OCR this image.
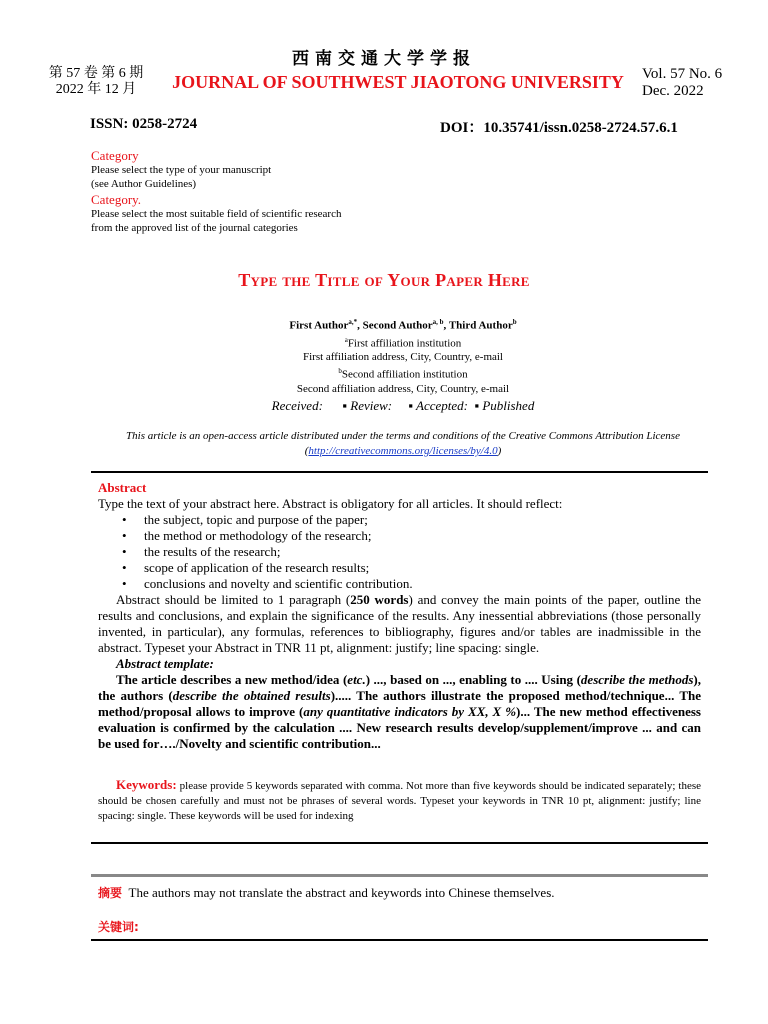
西南交通大学学报
第 57 卷 第 6 期
2022 年 12 月	JOURNAL OF SOUTHWEST JIAOTONG UNIVERSITY Vol. 57 No. 6
Dec. 2022
ISSN: 0258-2724	DOI：10.35741/issn.0258-2724.57.6.1
Category
Please select the type of your manuscript
(see Author Guidelines)
Category.
Please select the most suitable field of scientific research
from the approved list of the journal categories
Type the Title of Your Paper Here
First Author$^{a,*}$, Second Author$^{a, b}$, Third Author$^b$
$^a$First affiliation institution
First affiliation address, City, Country, e-mail
$^b$Second affiliation institution
Second affiliation address, City, Country, e-mail
Received:      ▪ Review:     ▪ Accepted:  ▪ Published
This article is an open-access article distributed under the terms and conditions of the Creative Commons Attribution License (http://creativecommons.org/licenses/by/4.0)
Abstract
Type the text of your abstract here. Abstract is obligatory for all articles. It should reflect:
• the subject, topic and purpose of the paper;
• the method or methodology of the research;
• the results of the research;
• scope of application of the research results;
• conclusions and novelty and scientific contribution.
Abstract should be limited to 1 paragraph (250 words) and convey the main points of the paper, outline the results and conclusions, and explain the significance of the results. Any inessential abbreviations (those personally invented, in particular), any formulas, references to bibliography, figures and/or tables are inadmissible in the abstract. Typeset your Abstract in TNR 11 pt, alignment: justify; line spacing: single.
Abstract template:
The article describes a new method/idea (etc.) ..., based on ..., enabling to .... Using (describe the methods), the authors (describe the obtained results)..... The authors illustrate the proposed method/technique... The method/proposal allows to improve (any quantitative indicators by XX, X %)... The new method effectiveness evaluation is confirmed by the calculation .... New research results develop/supplement/improve ... and can be used for…./Novelty and scientific contribution...
Keywords: please provide 5 keywords separated with comma. Not more than five keywords should be indicated separately; these should be chosen carefully and must not be phrases of several words. Typeset your keywords in TNR 10 pt, alignment: justify; line spacing: single. These keywords will be used for indexing
摘要 The authors may not translate the abstract and keywords into Chinese themselves.
关键词:
